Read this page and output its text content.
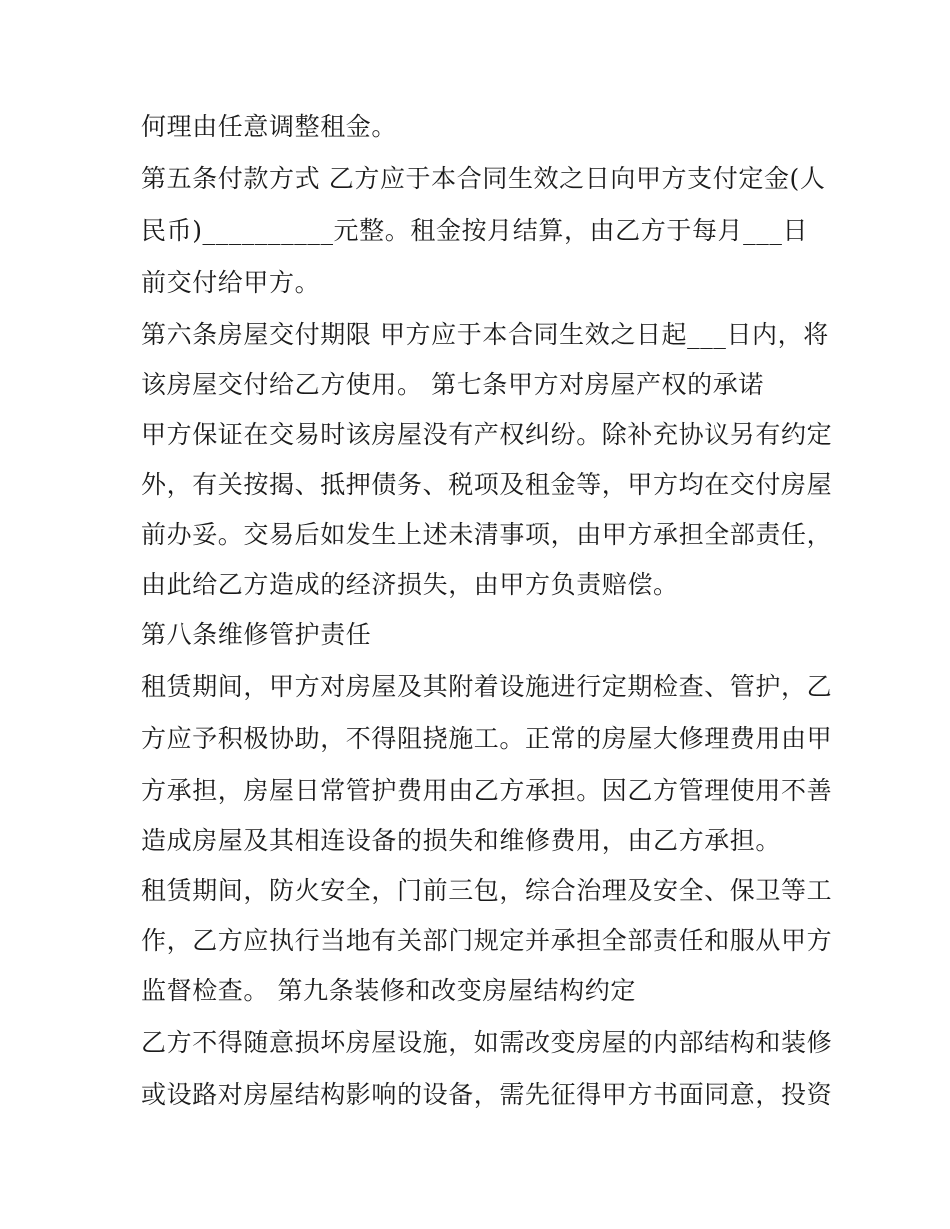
何理由任意调整租金。
第五条付款方式 乙方应于本合同生效之日向甲方支付定金(人
民币)__________元整。租金按月结算，由乙方于每月___日
前交付给甲方。
第六条房屋交付期限 甲方应于本合同生效之日起___日内，将
该房屋交付给乙方使用。 第七条甲方对房屋产权的承诺
甲方保证在交易时该房屋没有产权纠纷。除补充协议另有约定
外，有关按揭、抵押债务、税项及租金等，甲方均在交付房屋
前办妥。交易后如发生上述未清事项，由甲方承担全部责任，
由此给乙方造成的经济损失，由甲方负责赔偿。
第八条维修管护责任
租赁期间，甲方对房屋及其附着设施进行定期检查、管护，乙
方应予积极协助，不得阻挠施工。正常的房屋大修理费用由甲
方承担，房屋日常管护费用由乙方承担。因乙方管理使用不善
造成房屋及其相连设备的损失和维修费用，由乙方承担。
租赁期间，防火安全，门前三包，综合治理及安全、保卫等工
作，乙方应执行当地有关部门规定并承担全部责任和服从甲方
监督检查。 第九条装修和改变房屋结构约定
乙方不得随意损坏房屋设施，如需改变房屋的内部结构和装修
或设路对房屋结构影响的设备，需先征得甲方书面同意，投资
